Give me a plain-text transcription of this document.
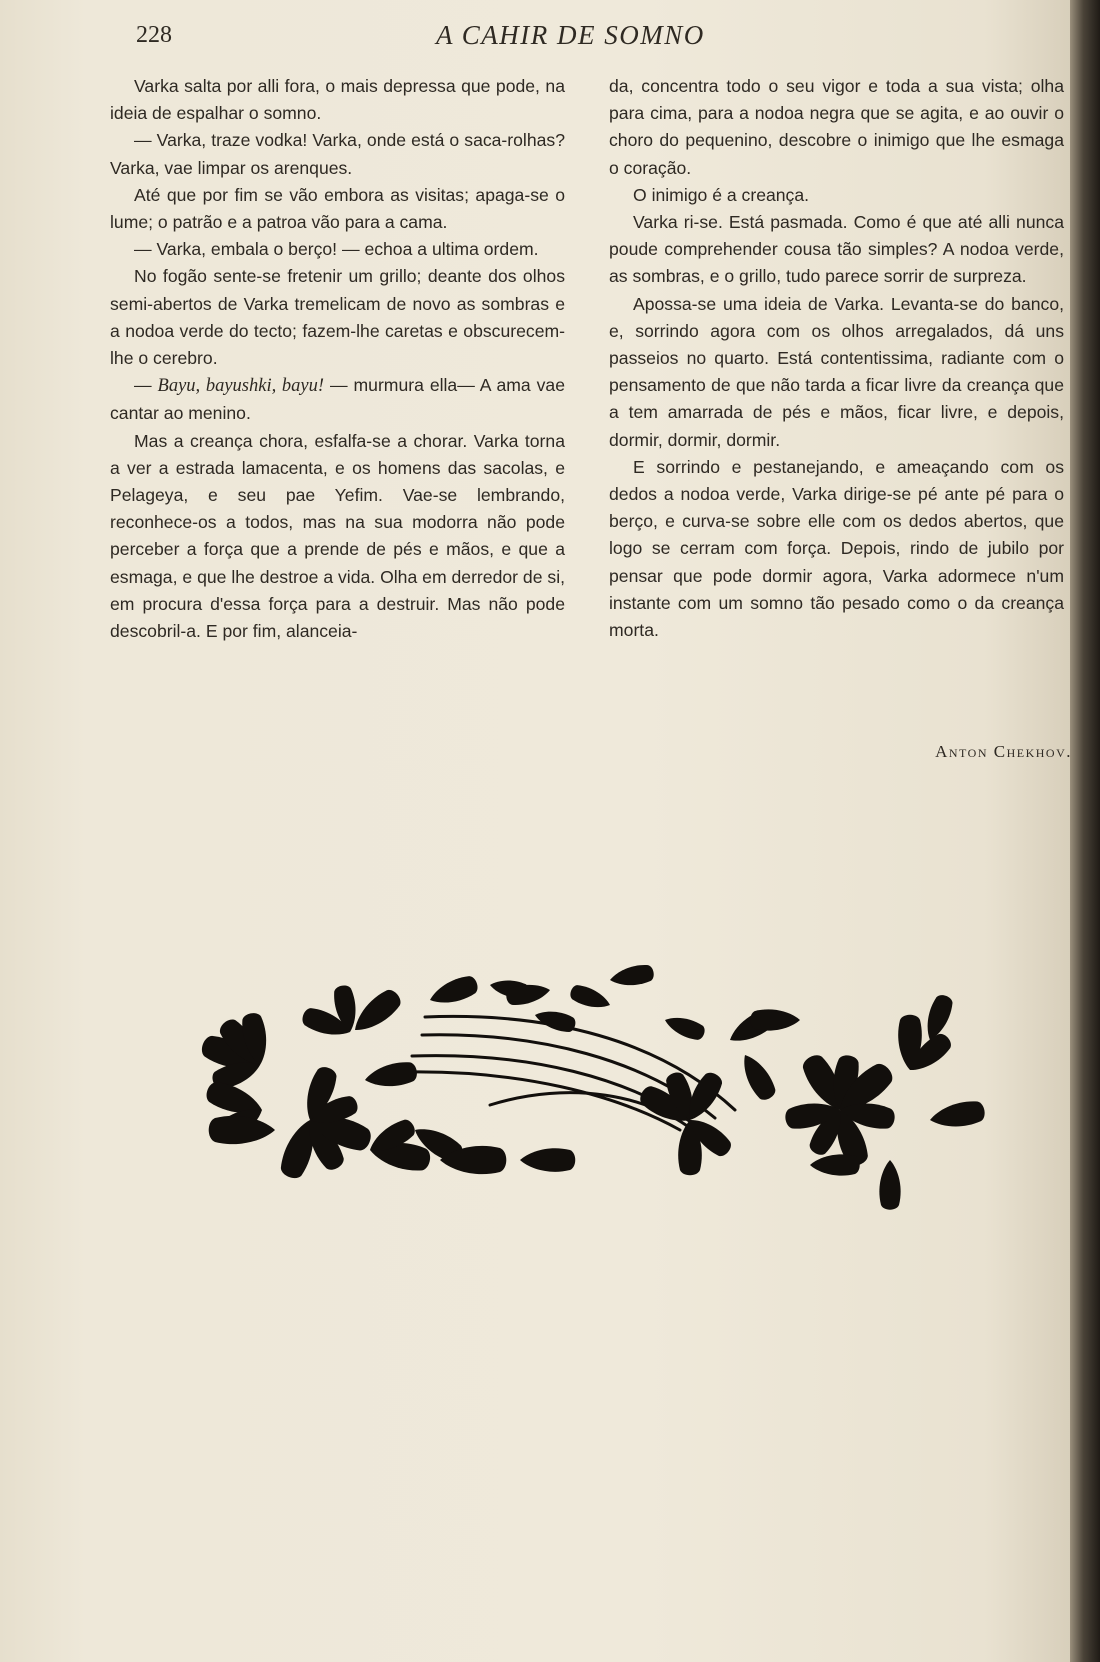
228	A CAHIR DE SOMNO

Varka salta por alli fora, o mais depressa que pode, na ideia de espalhar o somno.

— Varka, traze vodka! Varka, onde está o saca-rolhas? Varka, vae limpar os arenques.

Até que por fim se vão embora as visitas; apaga-se o lume; o patrão e a patroa vão para a cama.

— Varka, embala o berço! — echoa a ultima ordem.

No fogão sente-se fretenir um grillo; deante dos olhos semi-abertos de Varka tremelicam de novo as sombras e a nodoa verde do tecto; fazem-lhe caretas e obscurecem-lhe o cerebro.

— Bayu, bayushki, bayu! — murmura ella— A ama vae cantar ao menino.

Mas a creança chora, esfalfa-se a chorar. Varka torna a ver a estrada lamacenta, e os homens das sacolas, e Pelageya, e seu pae Yefim. Vae-se lembrando, reconhece-os a todos, mas na sua modorra não pode perceber a força que a prende de pés e mãos, e que a esmaga, e que lhe destroe a vida. Olha em derredor de si, em procura d'essa força para a destruir. Mas não pode descobril-a. E por fim, alanceia-

da, concentra todo o seu vigor e toda a sua vista; olha para cima, para a nodoa negra que se agita, e ao ouvir o choro do pequenino, descobre o inimigo que lhe esmaga o coração.

O inimigo é a creança.

Varka ri-se. Está pasmada. Como é que até alli nunca poude comprehender cousa tão simples? A nodoa verde, as sombras, e o grillo, tudo parece sorrir de surpreza.

Apossa-se uma ideia de Varka. Levanta-se do banco, e, sorrindo agora com os olhos arregalados, dá uns passeios no quarto. Está contentissima, radiante com o pensamento de que não tarda a ficar livre da creança que a tem amarrada de pés e mãos, ficar livre, e depois, dormir, dormir, dormir.

E sorrindo e pestanejando, e ameaçando com os dedos a nodoa verde, Varka dirige-se pé ante pé para o berço, e curva-se sobre elle com os dedos abertos, que logo se cerram com força. Depois, rindo de jubilo por pensar que pode dormir agora, Varka adormece n'um instante com um somno tão pesado como o da creança morta.

Anton Chekhov.
